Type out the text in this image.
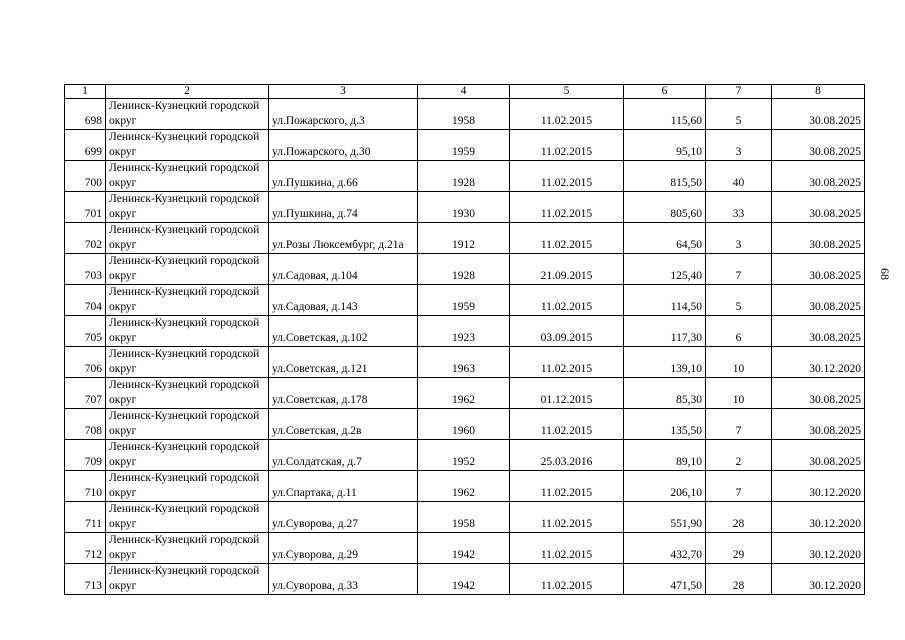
1	2	3	4	5	6	7	8
698	Ленинск-Кузнецкий городской округ	ул.Пожарского, д.3	1958	11.02.2015	115,60	5	30.08.2025
699	Ленинск-Кузнецкий городской округ	ул.Пожарского, д.30	1959	11.02.2015	95,10	3	30.08.2025
700	Ленинск-Кузнецкий городской округ	ул.Пушкина, д.66	1928	11.02.2015	815,50	40	30.08.2025
701	Ленинск-Кузнецкий городской округ	ул.Пушкина, д.74	1930	11.02.2015	805,60	33	30.08.2025
702	Ленинск-Кузнецкий городской округ	ул.Розы Люксембург, д.21а	1912	11.02.2015	64,50	3	30.08.2025
703	Ленинск-Кузнецкий городской округ	ул.Садовая, д.104	1928	21.09.2015	125,40	7	30.08.2025
704	Ленинск-Кузнецкий городской округ	ул.Садовая, д.143	1959	11.02.2015	114,50	5	30.08.2025
705	Ленинск-Кузнецкий городской округ	ул.Советская, д.102	1923	03.09.2015	117,30	6	30.08.2025
706	Ленинск-Кузнецкий городской округ	ул.Советская, д.121	1963	11.02.2015	139,10	10	30.12.2020
707	Ленинск-Кузнецкий городской округ	ул.Советская, д.178	1962	01.12.2015	85,30	10	30.08.2025
708	Ленинск-Кузнецкий городской округ	ул.Советская, д.2в	1960	11.02.2015	135,50	7	30.08.2025
709	Ленинск-Кузнецкий городской округ	ул.Солдатская, д.7	1952	25.03.2016	89,10	2	30.08.2025
710	Ленинск-Кузнецкий городской округ	ул.Спартака, д.11	1962	11.02.2015	206,10	7	30.12.2020
711	Ленинск-Кузнецкий городской округ	ул.Суворова, д.27	1958	11.02.2015	551,90	28	30.12.2020
712	Ленинск-Кузнецкий городской округ	ул.Суворова, д.29	1942	11.02.2015	432,70	29	30.12.2020
713	Ленинск-Кузнецкий городской округ	ул.Суворова, д.33	1942	11.02.2015	471,50	28	30.12.2020
68
